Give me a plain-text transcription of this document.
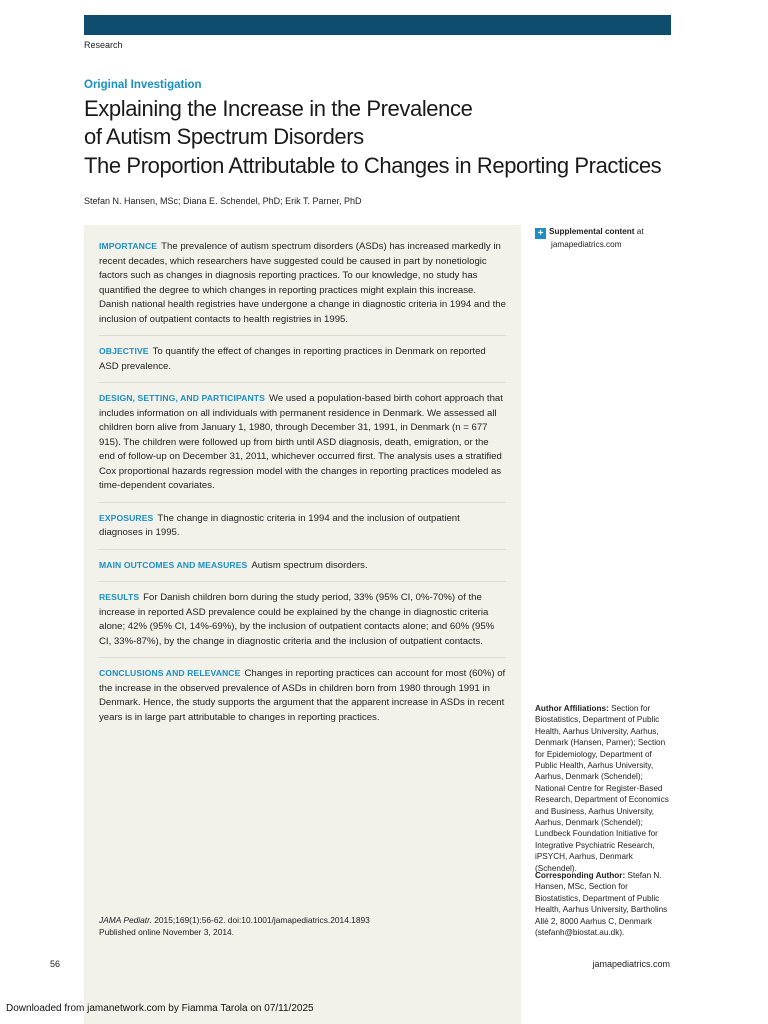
Research
Original Investigation
Explaining the Increase in the Prevalence
of Autism Spectrum Disorders
The Proportion Attributable to Changes in Reporting Practices
Stefan N. Hansen, MSc; Diana E. Schendel, PhD; Erik T. Parner, PhD
IMPORTANCE The prevalence of autism spectrum disorders (ASDs) has increased markedly in recent decades, which researchers have suggested could be caused in part by nonetiologic factors such as changes in diagnosis reporting practices. To our knowledge, no study has quantified the degree to which changes in reporting practices might explain this increase. Danish national health registries have undergone a change in diagnostic criteria in 1994 and the inclusion of outpatient contacts to health registries in 1995.
OBJECTIVE To quantify the effect of changes in reporting practices in Denmark on reported ASD prevalence.
DESIGN, SETTING, AND PARTICIPANTS We used a population-based birth cohort approach that includes information on all individuals with permanent residence in Denmark. We assessed all children born alive from January 1, 1980, through December 31, 1991, in Denmark (n = 677 915). The children were followed up from birth until ASD diagnosis, death, emigration, or the end of follow-up on December 31, 2011, whichever occurred first. The analysis uses a stratified Cox proportional hazards regression model with the changes in reporting practices modeled as time-dependent covariates.
EXPOSURES The change in diagnostic criteria in 1994 and the inclusion of outpatient diagnoses in 1995.
MAIN OUTCOMES AND MEASURES Autism spectrum disorders.
RESULTS For Danish children born during the study period, 33% (95% CI, 0%-70%) of the increase in reported ASD prevalence could be explained by the change in diagnostic criteria alone; 42% (95% CI, 14%-69%), by the inclusion of outpatient contacts alone; and 60% (95% CI, 33%-87%), by the change in diagnostic criteria and the inclusion of outpatient contacts.
CONCLUSIONS AND RELEVANCE Changes in reporting practices can account for most (60%) of the increase in the observed prevalence of ASDs in children born from 1980 through 1991 in Denmark. Hence, the study supports the argument that the apparent increase in ASDs in recent years is in large part attributable to changes in reporting practices.
JAMA Pediatr. 2015;169(1):56-62. doi:10.1001/jamapediatrics.2014.1893
Published online November 3, 2014.
+ Supplemental content at
jamapediatrics.com
Author Affiliations: Section for Biostatistics, Department of Public Health, Aarhus University, Aarhus, Denmark (Hansen, Parner); Section for Epidemiology, Department of Public Health, Aarhus University, Aarhus, Denmark (Schendel); National Centre for Register-Based Research, Department of Economics and Business, Aarhus University, Aarhus, Denmark (Schendel); Lundbeck Foundation Initiative for Integrative Psychiatric Research, iPSYCH, Aarhus, Denmark (Schendel).
Corresponding Author: Stefan N. Hansen, MSc, Section for Biostatistics, Department of Public Health, Aarhus University, Bartholins Allé 2, 8000 Aarhus C, Denmark (stefanh@biostat.au.dk).
56	jamapediatrics.com
Downloaded from jamanetwork.com by Fiamma Tarola on 07/11/2025
